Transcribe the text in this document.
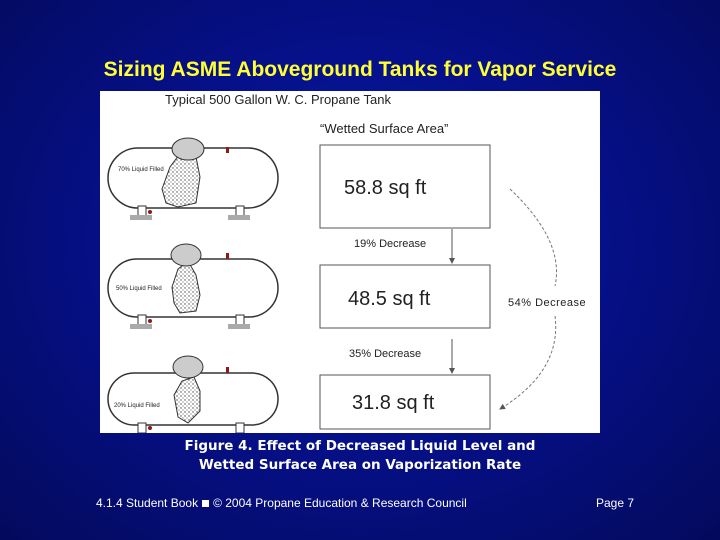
Sizing ASME Aboveground Tanks for Vapor Service
Typical 500 Gallon W. C. Propane Tank
“Wetted Surface Area”
70% Liquid Filled
50% Liquid Filled
20% Liquid Filled
58.8 sq ft
48.5 sq ft
31.8 sq ft
19% Decrease
35% Decrease
54% Decrease
Figure 4. Effect of Decreased Liquid Level and
Wetted Surface Area on Vaporization Rate
4.1.4 Student Book © 2004 Propane Education & Research Council	Page 7
